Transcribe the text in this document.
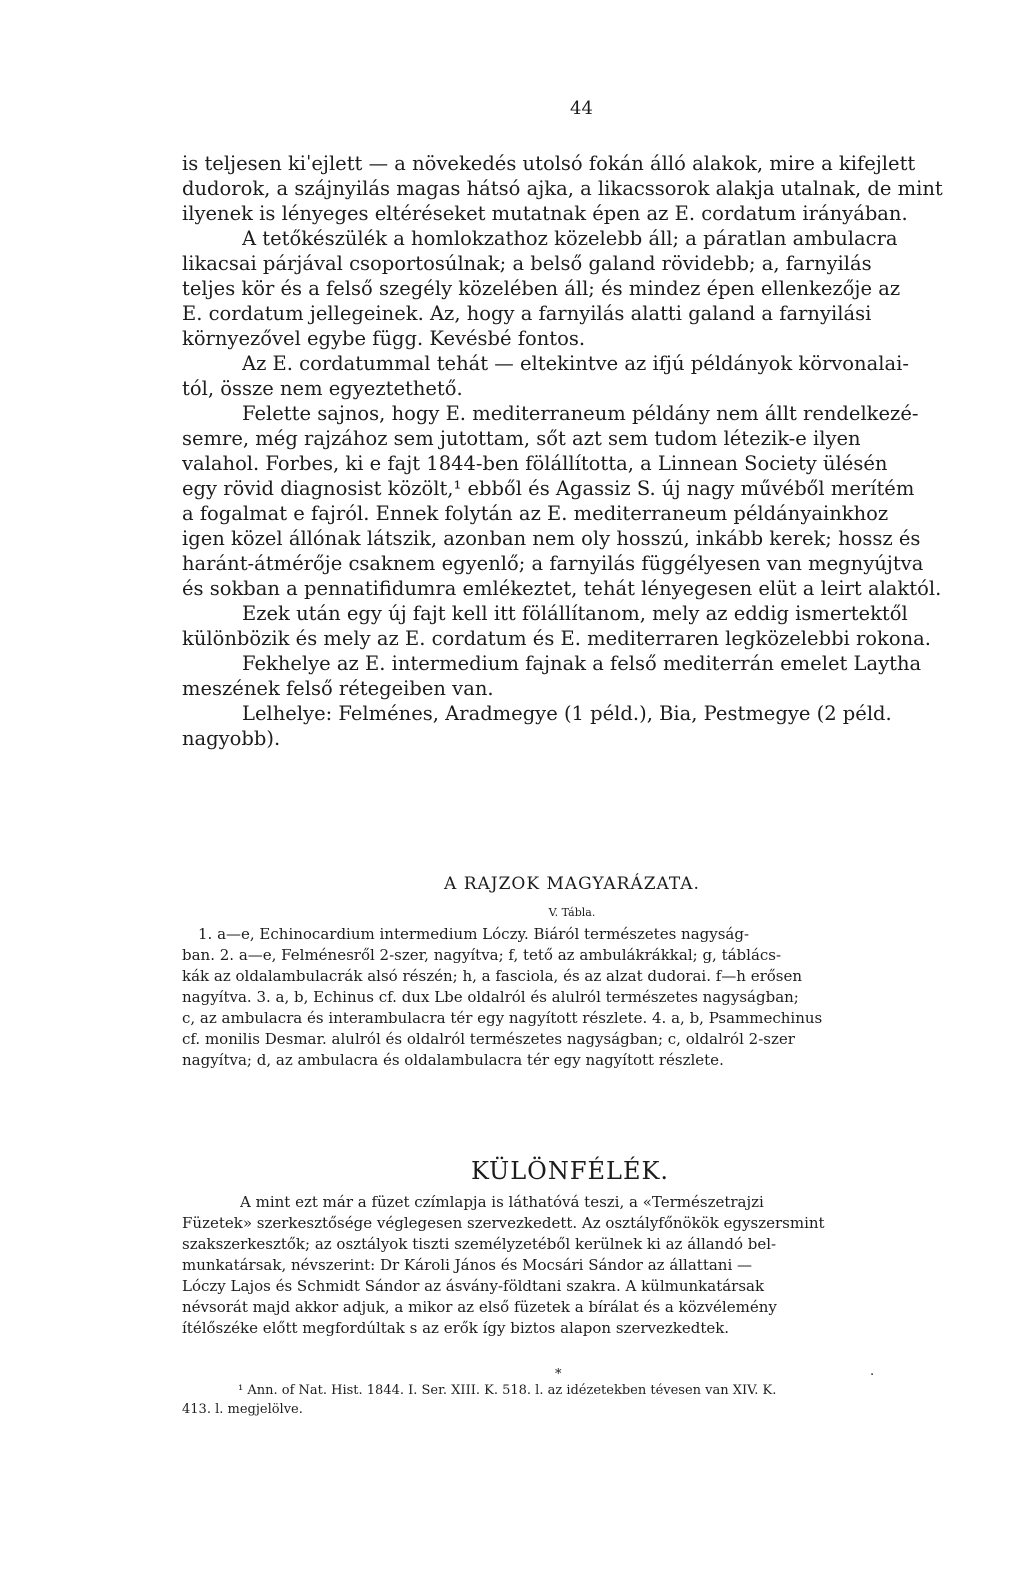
44
is teljesen kiˈejlett — a növekedés utolsó fokán álló alakok, mire a kifejlett
dudorok, a szájnyilás magas hátsó ajka, a likacssorok alakja utalnak, de mint
ilyenek is lényeges eltéréseket mutatnak épen az E. cordatum irányában.
A tetőkészülék a homlokzathoz közelebb áll; a páratlan ambulacra
likacsai párjával csoportosúlnak; a belső galand rövidebb; a, farnyilás
teljes kör és a felső szegély közelében áll; és mindez épen ellenkezője az
E. cordatum jellegeinek. Az, hogy a farnyilás alatti galand a farnyilási
környezővel egybe függ. Kevésbé fontos.
Az E. cordatummal tehát — eltekintve az ifjú példányok körvonalai-
tól, össze nem egyeztethető.
Felette sajnos, hogy E. mediterraneum példány nem állt rendelkezé-
semre, még rajzához sem jutottam, sőt azt sem tudom létezik-e ilyen
valahol. Forbes, ki e fajt 1844-ben fölállította, a Linnean Society ülésén
egy rövid diagnosist közölt,¹ ebből és Agassiz S. új nagy művéből merítém
a fogalmat e fajról. Ennek folytán az E. mediterraneum példányainkhoz
igen közel állónak látszik, azonban nem oly hosszú, inkább kerek; hossz és
haránt-átmérője csaknem egyenlő; a farnyilás függélyesen van megnyújtva
és sokban a pennatifidumra emlékeztet, tehát lényegesen elüt a leirt alaktól.
Ezek után egy új fajt kell itt fölállítanom, mely az eddig ismertektől
különbözik és mely az E. cordatum és E. mediterraren legközelebbi rokona.
Fekhelye az E. intermedium fajnak a felső mediterrán emelet Laytha
meszének felső rétegeiben van.
Lelhelye: Felménes, Aradmegye (1 péld.), Bia, Pestmegye (2 péld.
nagyobb).
A RAJZOK MAGYARÁZATA.
V. Tábla.
1. a—e, Echinocardium intermedium Lóczy. Biáról természetes nagyság-
ban. 2. a—e, Felménesről 2-szer, nagyítva; f, tető az ambulákrákkal; g, táblács-
kák az oldalambulacrák alsó részén; h, a fasciola, és az alzat dudorai. f—h erősen
nagyítva. 3. a, b, Echinus cf. dux Lbe oldalról és alulról természetes nagyságban;
c, az ambulacra és interambulacra tér egy nagyított részlete. 4. a, b, Psammechinus
cf. monilis Desmar. alulról és oldalról természetes nagyságban; c, oldalról 2-szer
nagyítva; d, az ambulacra és oldalambulacra tér egy nagyított részlete.
KÜLÖNFÉLÉK.
A mint ezt már a füzet czímlapja is láthatóvá teszi, a «Természetrajzi
Füzetek» szerkesztősége véglegesen szervezkedett. Az osztályfőnökök egyszersmint
szakszerkesztők; az osztályok tiszti személyzetéből kerülnek ki az állandó bel-
munkatársak, névszerint: Dr Károli János és Mocsári Sándor az állattani —
Lóczy Lajos és Schmidt Sándor az ásvány-földtani szakra. A külmunkatársak
névsorát majd akkor adjuk, a mikor az első füzetek a bírálat és a közvélemény
ítélőszéke előtt megfordúltak s az erők így biztos alapon szervezkedtek.
*	.
¹ Ann. of Nat. Hist. 1844. I. Ser. XIII. K. 518. l. az idézetekben tévesen van XIV. K.
413. l. megjelölve.
